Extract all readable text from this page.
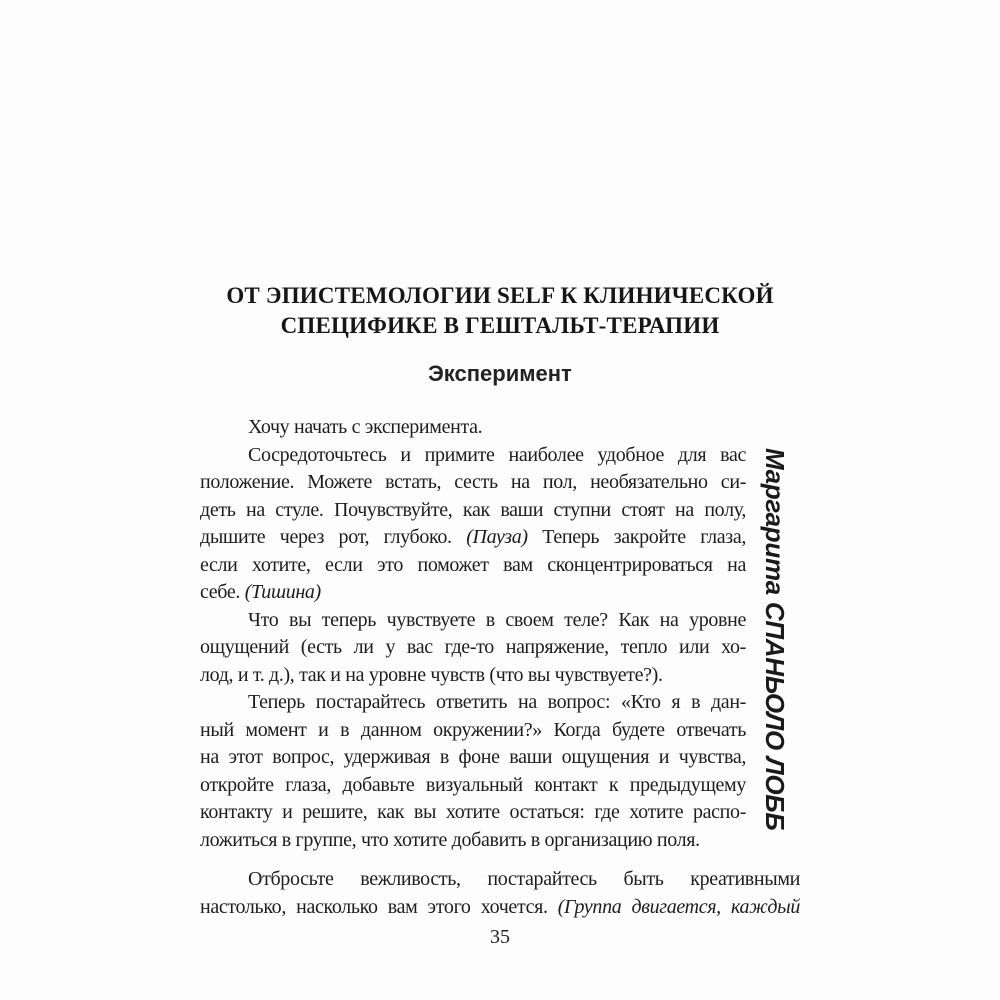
ОТ ЭПИСТЕМОЛОГИИ SELF К КЛИНИЧЕСКОЙ
СПЕЦИФИКЕ В ГЕШТАЛЬТ-ТЕРАПИИ
Эксперимент
Хочу начать с эксперимента.
Сосредоточьтесь и примите наиболее удобное для вас
положение. Можете встать, сесть на пол, необязательно си-
деть на стуле. Почувствуйте, как ваши ступни стоят на полу,
дышите через рот, глубоко. (Пауза) Теперь закройте глаза,
если хотите, если это поможет вам сконцентрироваться на
себе. (Тишина)
Что вы теперь чувствуете в своем теле? Как на уровне
ощущений (есть ли у вас где-то напряжение, тепло или хо-
лод, и т. д.), так и на уровне чувств (что вы чувствуете?).
Теперь постарайтесь ответить на вопрос: «Кто я в дан-
ный момент и в данном окружении?» Когда будете отвечать
на этот вопрос, удерживая в фоне ваши ощущения и чувства,
откройте глаза, добавьте визуальный контакт к предыдущему
контакту и решите, как вы хотите остаться: где хотите распо-
ложиться в группе, что хотите добавить в организацию поля.
Отбросьте вежливость, постарайтесь быть креативными
настолько, насколько вам этого хочется. (Группа двигается, каждый
Маргарита СПАНЬОЛО ЛОББ
35
